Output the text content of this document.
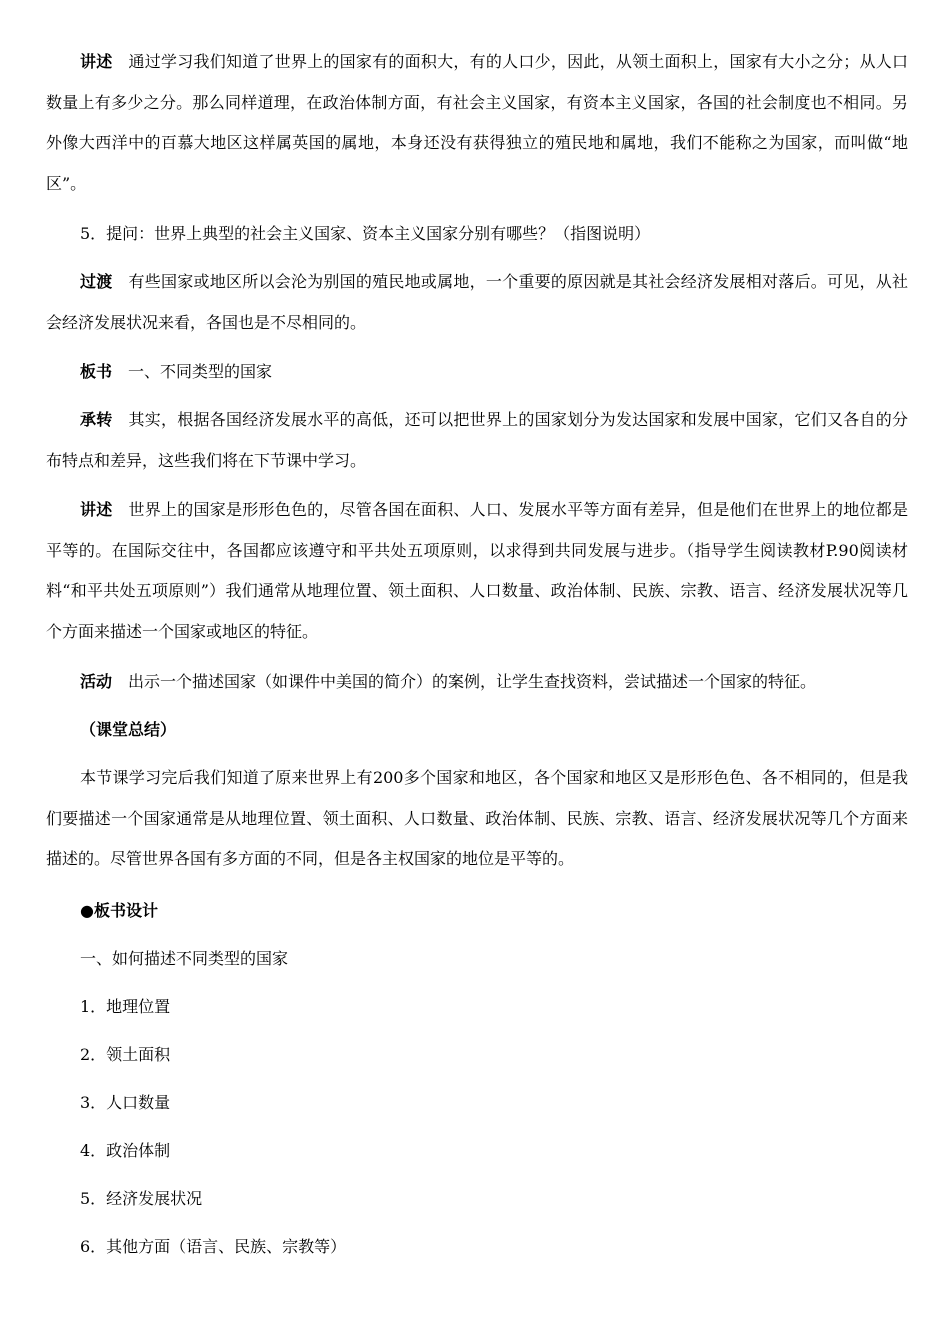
讲述 通过学习我们知道了世界上的国家有的面积大，有的人口少，因此，从领土面积上，国家有大小之分；从人口数量上有多少之分。那么同样道理，在政治体制方面，有社会主义国家，有资本主义国家，各国的社会制度也不相同。另外像大西洋中的百慕大地区这样属英国的属地，本身还没有获得独立的殖民地和属地，我们不能称之为国家，而叫做“地区”。

5．提问：世界上典型的社会主义国家、资本主义国家分别有哪些？（指图说明）

过渡 有些国家或地区所以会沦为别国的殖民地或属地，一个重要的原因就是其社会经济发展相对落后。可见，从社会经济发展状况来看，各国也是不尽相同的。

板书 一、不同类型的国家

承转 其实，根据各国经济发展水平的高低，还可以把世界上的国家划分为发达国家和发展中国家，它们又各自的分布特点和差异，这些我们将在下节课中学习。

讲述 世界上的国家是形形色色的，尽管各国在面积、人口、发展水平等方面有差异，但是他们在世界上的地位都是平等的。在国际交往中，各国都应该遵守和平共处五项原则，以求得到共同发展与进步。（指导学生阅读教材P.90阅读材料“和平共处五项原则”）我们通常从地理位置、领土面积、人口数量、政治体制、民族、宗教、语言、经济发展状况等几个方面来描述一个国家或地区的特征。

活动 出示一个描述国家（如课件中美国的简介）的案例，让学生查找资料，尝试描述一个国家的特征。

（课堂总结）

本节课学习完后我们知道了原来世界上有200多个国家和地区，各个国家和地区又是形形色色、各不相同的，但是我们要描述一个国家通常是从地理位置、领土面积、人口数量、政治体制、民族、宗教、语言、经济发展状况等几个方面来描述的。尽管世界各国有多方面的不同，但是各主权国家的地位是平等的。

●板书设计

一、如何描述不同类型的国家

1．地理位置

2．领土面积

3．人口数量

4．政治体制

5．经济发展状况

6．其他方面（语言、民族、宗教等）
